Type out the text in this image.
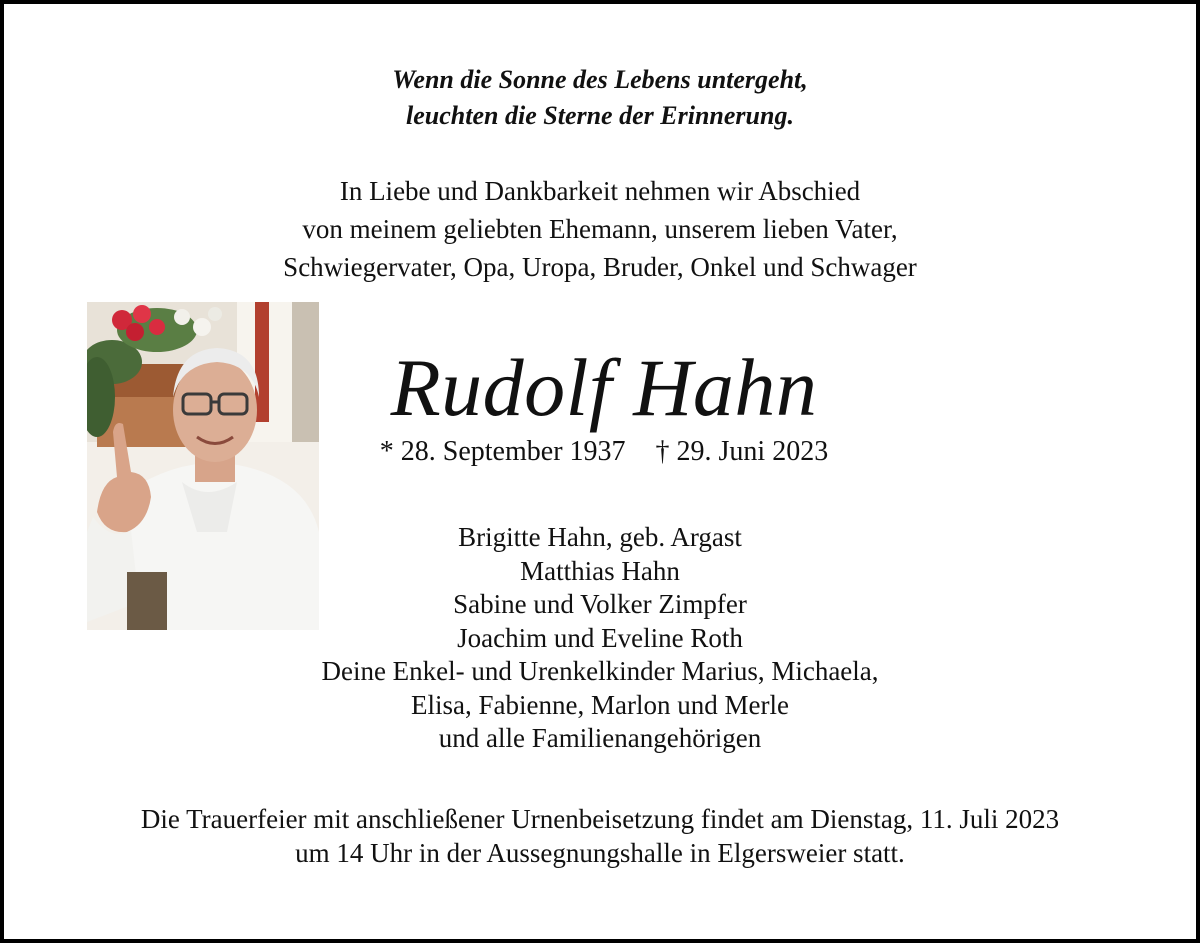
Wenn die Sonne des Lebens untergeht,
leuchten die Sterne der Erinnerung.
In Liebe und Dankbarkeit nehmen wir Abschied
von meinem geliebten Ehemann, unserem lieben Vater,
Schwiegervater, Opa, Uropa, Bruder, Onkel und Schwager
Rudolf Hahn
* 28. September 1937 † 29. Juni 2023
Brigitte Hahn, geb. Argast
Matthias Hahn
Sabine und Volker Zimpfer
Joachim und Eveline Roth
Deine Enkel- und Urenkelkinder Marius, Michaela,
Elisa, Fabienne, Marlon und Merle
und alle Familienangehörigen
Die Trauerfeier mit anschließener Urnenbeisetzung findet am Dienstag, 11. Juli 2023
um 14 Uhr in der Aussegnungshalle in Elgersweier statt.
